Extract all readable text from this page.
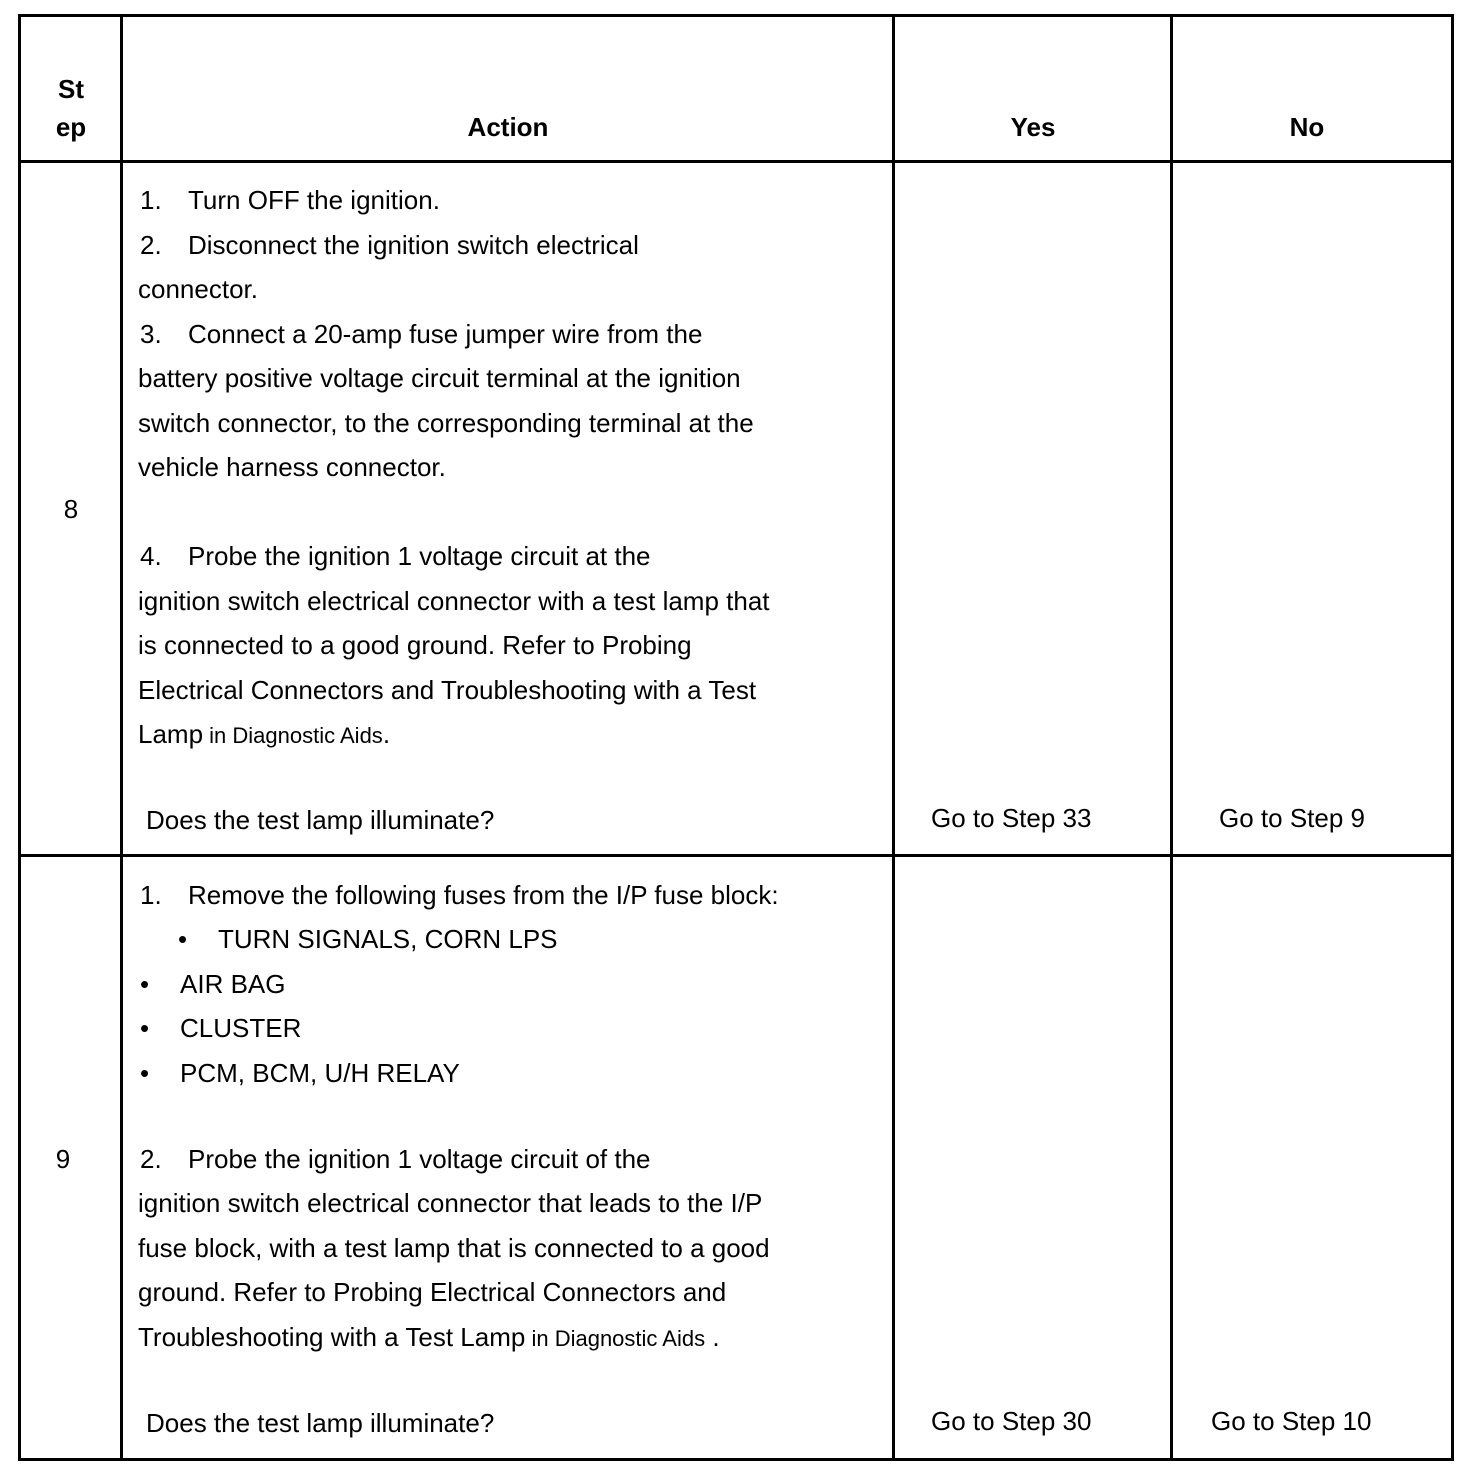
St
ep	Action	Yes	No
8
1. Turn OFF the ignition.
2. Disconnect the ignition switch electrical
connector.
3. Connect a 20-amp fuse jumper wire from the
battery positive voltage circuit terminal at the ignition
switch connector, to the corresponding terminal at the
vehicle harness connector.
4. Probe the ignition 1 voltage circuit at the
ignition switch electrical connector with a test lamp that
is connected to a good ground. Refer to Probing
Electrical Connectors and Troubleshooting with a Test
Lamp in Diagnostic Aids.
Does the test lamp illuminate?	Go to Step 33	Go to Step 9
9
1. Remove the following fuses from the I/P fuse block:
• TURN SIGNALS, CORN LPS
• AIR BAG
• CLUSTER
• PCM, BCM, U/H RELAY
2. Probe the ignition 1 voltage circuit of the
ignition switch electrical connector that leads to the I/P
fuse block, with a test lamp that is connected to a good
ground. Refer to Probing Electrical Connectors and
Troubleshooting with a Test Lamp in Diagnostic Aids .
Does the test lamp illuminate?	Go to Step 30	Go to Step 10
